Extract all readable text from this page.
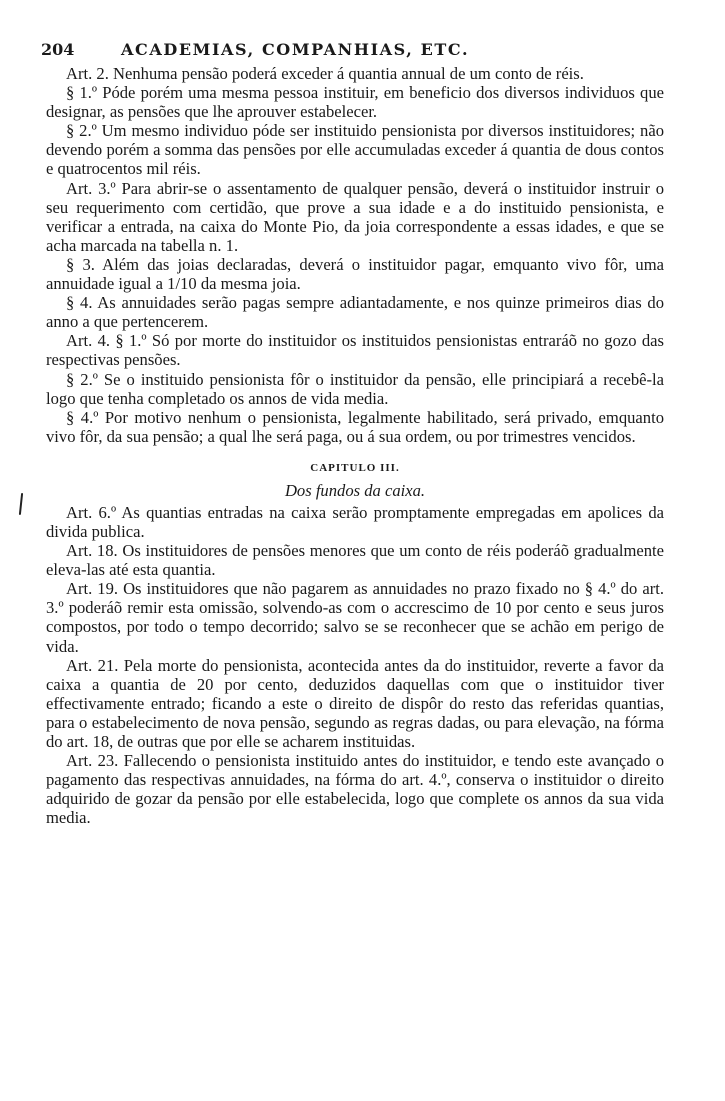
204	ACADEMIAS, COMPANHIAS, ETC.

Art. 2. Nenhuma pensão poderá exceder á quantia annual de um conto de réis.

§ 1.º Póde porém uma mesma pessoa instituir, em beneficio dos diversos individuos que designar, as pensões que lhe aprouver estabelecer.

§ 2.º Um mesmo individuo póde ser instituido pensionista por diversos instituidores; não devendo porém a somma das pensões por elle accumuladas exceder á quantia de dous contos e quatrocentos mil réis.

Art. 3.º Para abrir-se o assentamento de qualquer pensão, deverá o instituidor instruir o seu requerimento com certidão, que prove a sua idade e a do instituido pensionista, e verificar a entrada, na caixa do Monte Pio, da joia correspondente a essas idades, e que se acha marcada na tabella n. 1.

§ 3. Além das joias declaradas, deverá o instituidor pagar, emquanto vivo fôr, uma annuidade igual a 1/10 da mesma joia.

§ 4. As annuidades serão pagas sempre adiantadamente, e nos quinze primeiros dias do anno a que pertencerem.

Art. 4. § 1.º Só por morte do instituidor os instituidos pensionistas entraráõ no gozo das respectivas pensões.

§ 2.º Se o instituido pensionista fôr o instituidor da pensão, elle principiará a recebê-la logo que tenha completado os annos de vida media.

§ 4.º Por motivo nenhum o pensionista, legalmente habilitado, será privado, emquanto vivo fôr, da sua pensão; a qual lhe será paga, ou á sua ordem, ou por trimestres vencidos.

CAPITULO III.
Dos fundos da caixa.

Art. 6.º As quantias entradas na caixa serão promptamente empregadas em apolices da divida publica.

Art. 18. Os instituidores de pensões menores que um conto de réis poderáõ gradualmente eleva-las até esta quantia.

Art. 19. Os instituidores que não pagarem as annuidades no prazo fixado no § 4.º do art. 3.º poderáõ remir esta omissão, solvendo-as com o accrescimo de 10 por cento e seus juros compostos, por todo o tempo decorrido; salvo se se reconhecer que se achão em perigo de vida.

Art. 21. Pela morte do pensionista, acontecida antes da do instituidor, reverte a favor da caixa a quantia de 20 por cento, deduzidos daquellas com que o instituidor tiver effectivamente entrado; ficando a este o direito de dispôr do resto das referidas quantias, para o estabelecimento de nova pensão, segundo as regras dadas, ou para elevação, na fórma do art. 18, de outras que por elle se acharem instituidas.

Art. 23. Fallecendo o pensionista instituido antes do instituidor, e tendo este avançado o pagamento das respectivas annuidades, na fórma do art. 4.º, conserva o instituidor o direito adquirido de gozar da pensão por elle estabelecida, logo que complete os annos da sua vida media.
